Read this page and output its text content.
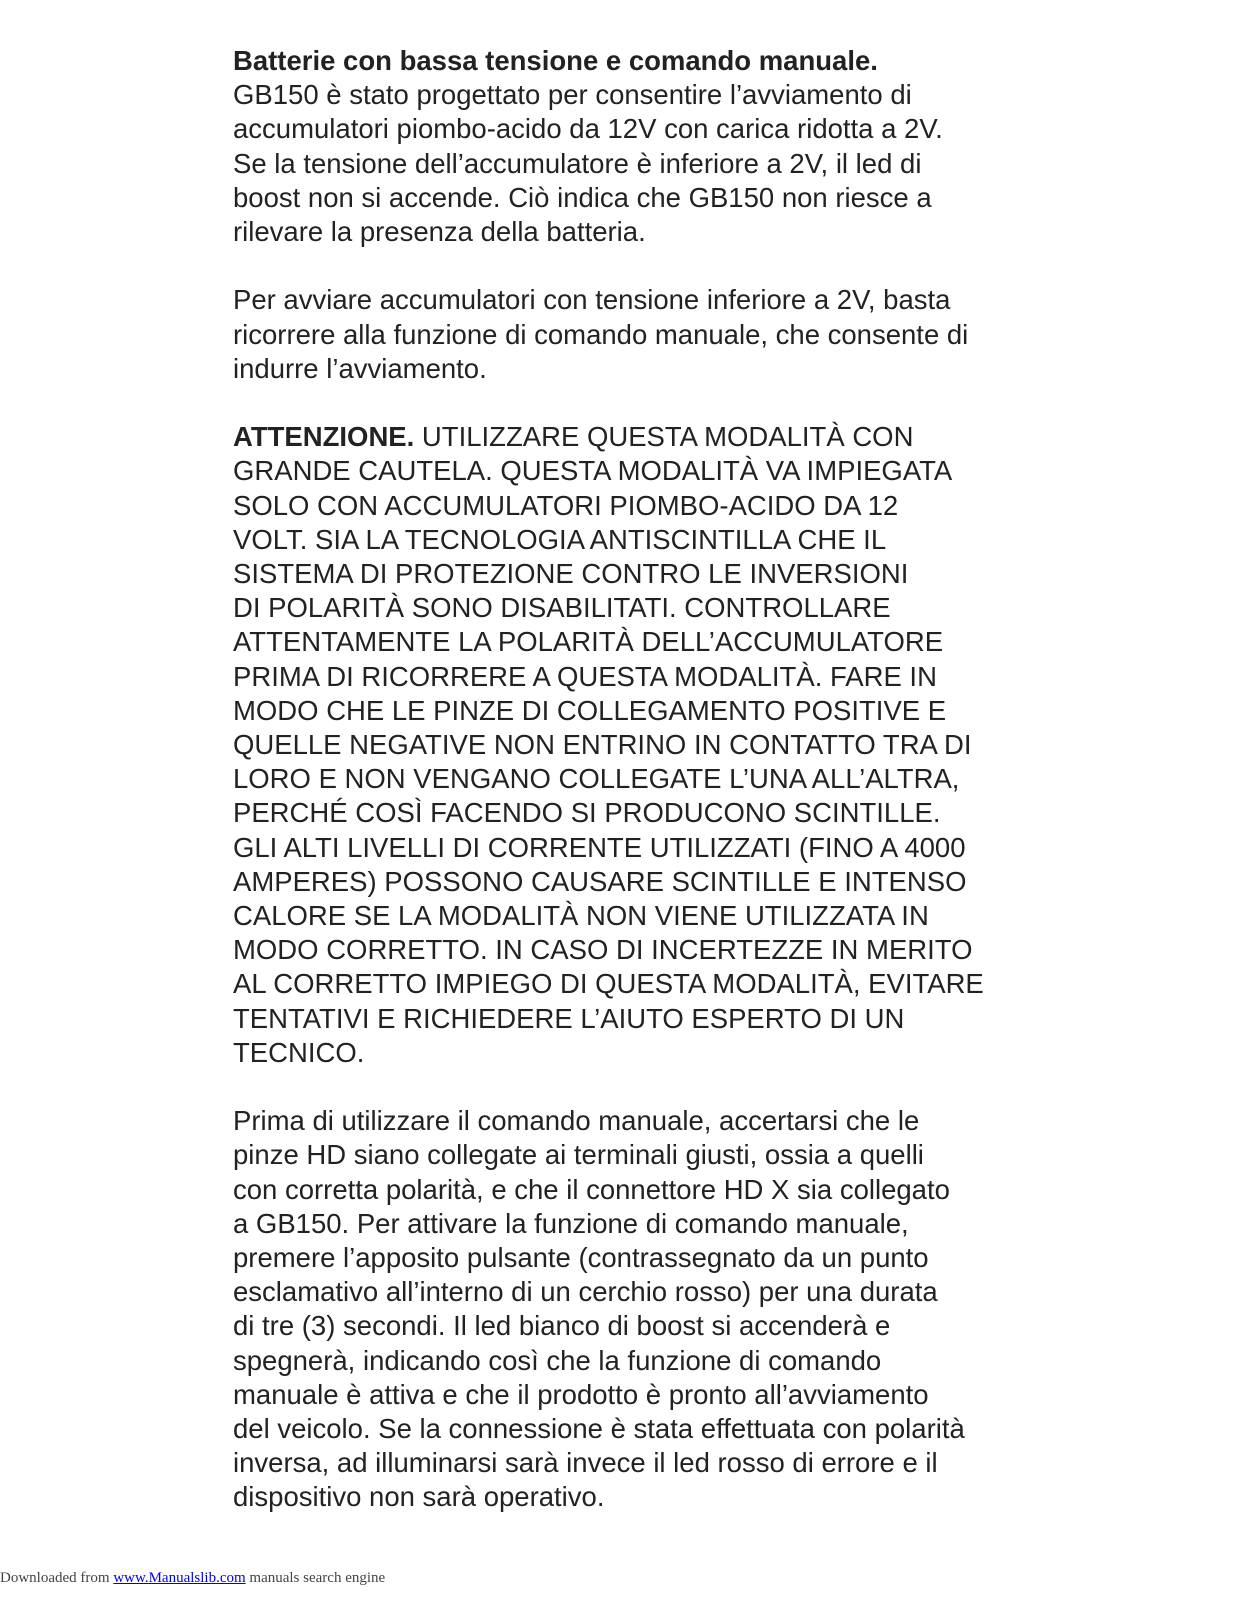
Batterie con bassa tensione e comando manuale.
GB150 è stato progettato per consentire l’avviamento di
accumulatori piombo-acido da 12V con carica ridotta a 2V.
Se la tensione dell’accumulatore è inferiore a 2V, il led di
boost non si accende. Ciò indica che GB150 non riesce a
rilevare la presenza della batteria.
Per avviare accumulatori con tensione inferiore a 2V, basta
ricorrere alla funzione di comando manuale, che consente di
indurre l’avviamento.
ATTENZIONE. UTILIZZARE QUESTA MODALITÀ CON
GRANDE CAUTELA. QUESTA MODALITÀ VA IMPIEGATA
SOLO CON ACCUMULATORI PIOMBO-ACIDO DA 12
VOLT. SIA LA TECNOLOGIA ANTISCINTILLA CHE IL
SISTEMA DI PROTEZIONE CONTRO LE INVERSIONI
DI POLARITÀ SONO DISABILITATI. CONTROLLARE
ATTENTAMENTE LA POLARITÀ DELL’ACCUMULATORE
PRIMA DI RICORRERE A QUESTA MODALITÀ. FARE IN
MODO CHE LE PINZE DI COLLEGAMENTO POSITIVE E
QUELLE NEGATIVE NON ENTRINO IN CONTATTO TRA DI
LORO E NON VENGANO COLLEGATE L’UNA ALL’ALTRA,
PERCHÉ COSÌ FACENDO SI PRODUCONO SCINTILLE.
GLI ALTI LIVELLI DI CORRENTE UTILIZZATI (FINO A 4000
AMPERES) POSSONO CAUSARE SCINTILLE E INTENSO
CALORE SE LA MODALITÀ NON VIENE UTILIZZATA IN
MODO CORRETTO. IN CASO DI INCERTEZZE IN MERITO
AL CORRETTO IMPIEGO DI QUESTA MODALITÀ, EVITARE
TENTATIVI E RICHIEDERE L’AIUTO ESPERTO DI UN
TECNICO.
Prima di utilizzare il comando manuale, accertarsi che le
pinze HD siano collegate ai terminali giusti, ossia a quelli
con corretta polarità, e che il connettore HD X sia collegato
a GB150. Per attivare la funzione di comando manuale,
premere l’apposito pulsante (contrassegnato da un punto
esclamativo all’interno di un cerchio rosso) per una durata
di tre (3) secondi. Il led bianco di boost si accenderà e
spegnerà, indicando così che la funzione di comando
manuale è attiva e che il prodotto è pronto all’avviamento
del veicolo. Se la connessione è stata effettuata con polarità
inversa, ad illuminarsi sarà invece il led rosso di errore e il
dispositivo non sarà operativo.
Downloaded from www.Manualslib.com manuals search engine
